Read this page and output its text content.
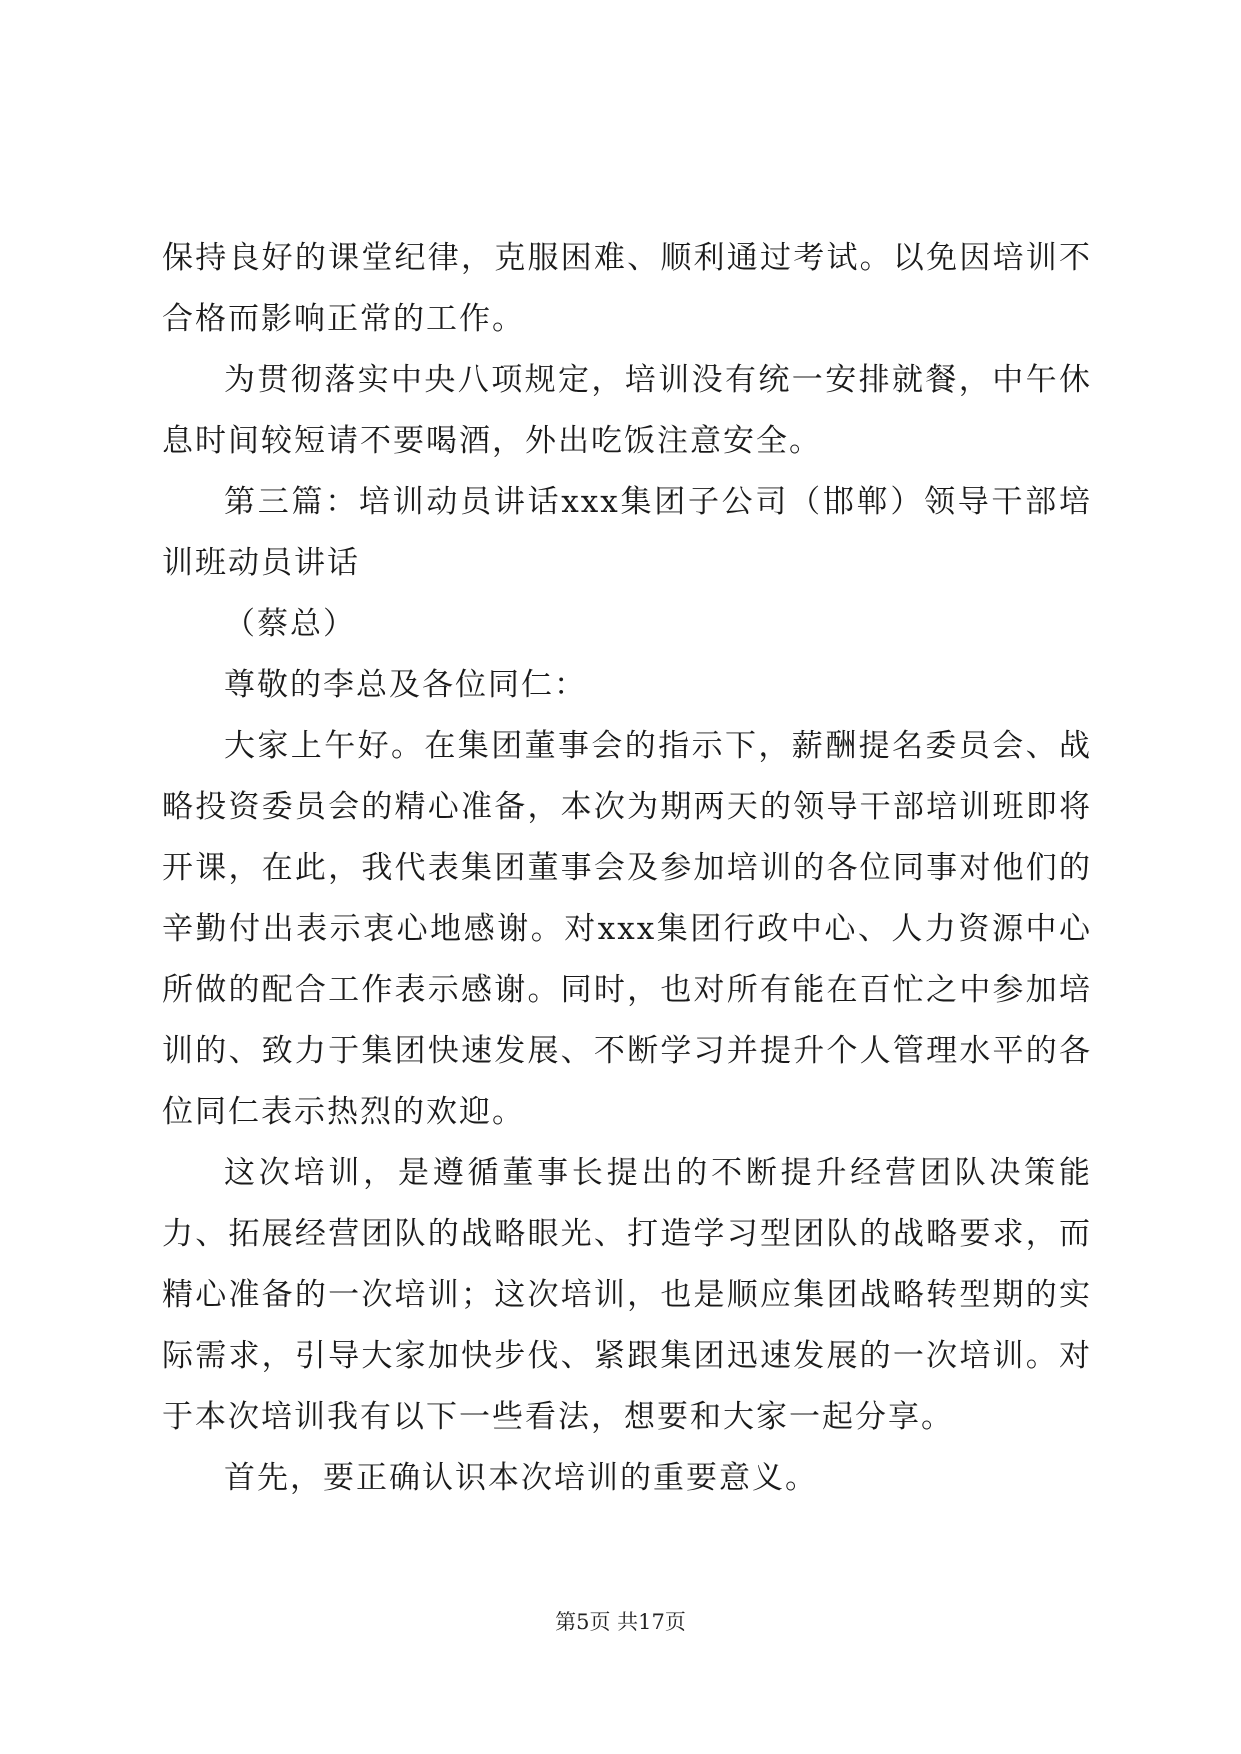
保持良好的课堂纪律，克服困难、顺利通过考试。以免因培训不合格而影响正常的工作。

为贯彻落实中央八项规定，培训没有统一安排就餐，中午休息时间较短请不要喝酒，外出吃饭注意安全。

第三篇：培训动员讲话xxx集团子公司（邯郸）领导干部培训班动员讲话

（蔡总）

尊敬的李总及各位同仁：

大家上午好。在集团董事会的指示下，薪酬提名委员会、战略投资委员会的精心准备，本次为期两天的领导干部培训班即将开课，在此，我代表集团董事会及参加培训的各位同事对他们的辛勤付出表示衷心地感谢。对xxx集团行政中心、人力资源中心所做的配合工作表示感谢。同时，也对所有能在百忙之中参加培训的、致力于集团快速发展、不断学习并提升个人管理水平的各位同仁表示热烈的欢迎。

这次培训，是遵循董事长提出的不断提升经营团队决策能力、拓展经营团队的战略眼光、打造学习型团队的战略要求，而精心准备的一次培训；这次培训，也是顺应集团战略转型期的实际需求，引导大家加快步伐、紧跟集团迅速发展的一次培训。对于本次培训我有以下一些看法，想要和大家一起分享。

首先，要正确认识本次培训的重要意义。

第5页 共17页
